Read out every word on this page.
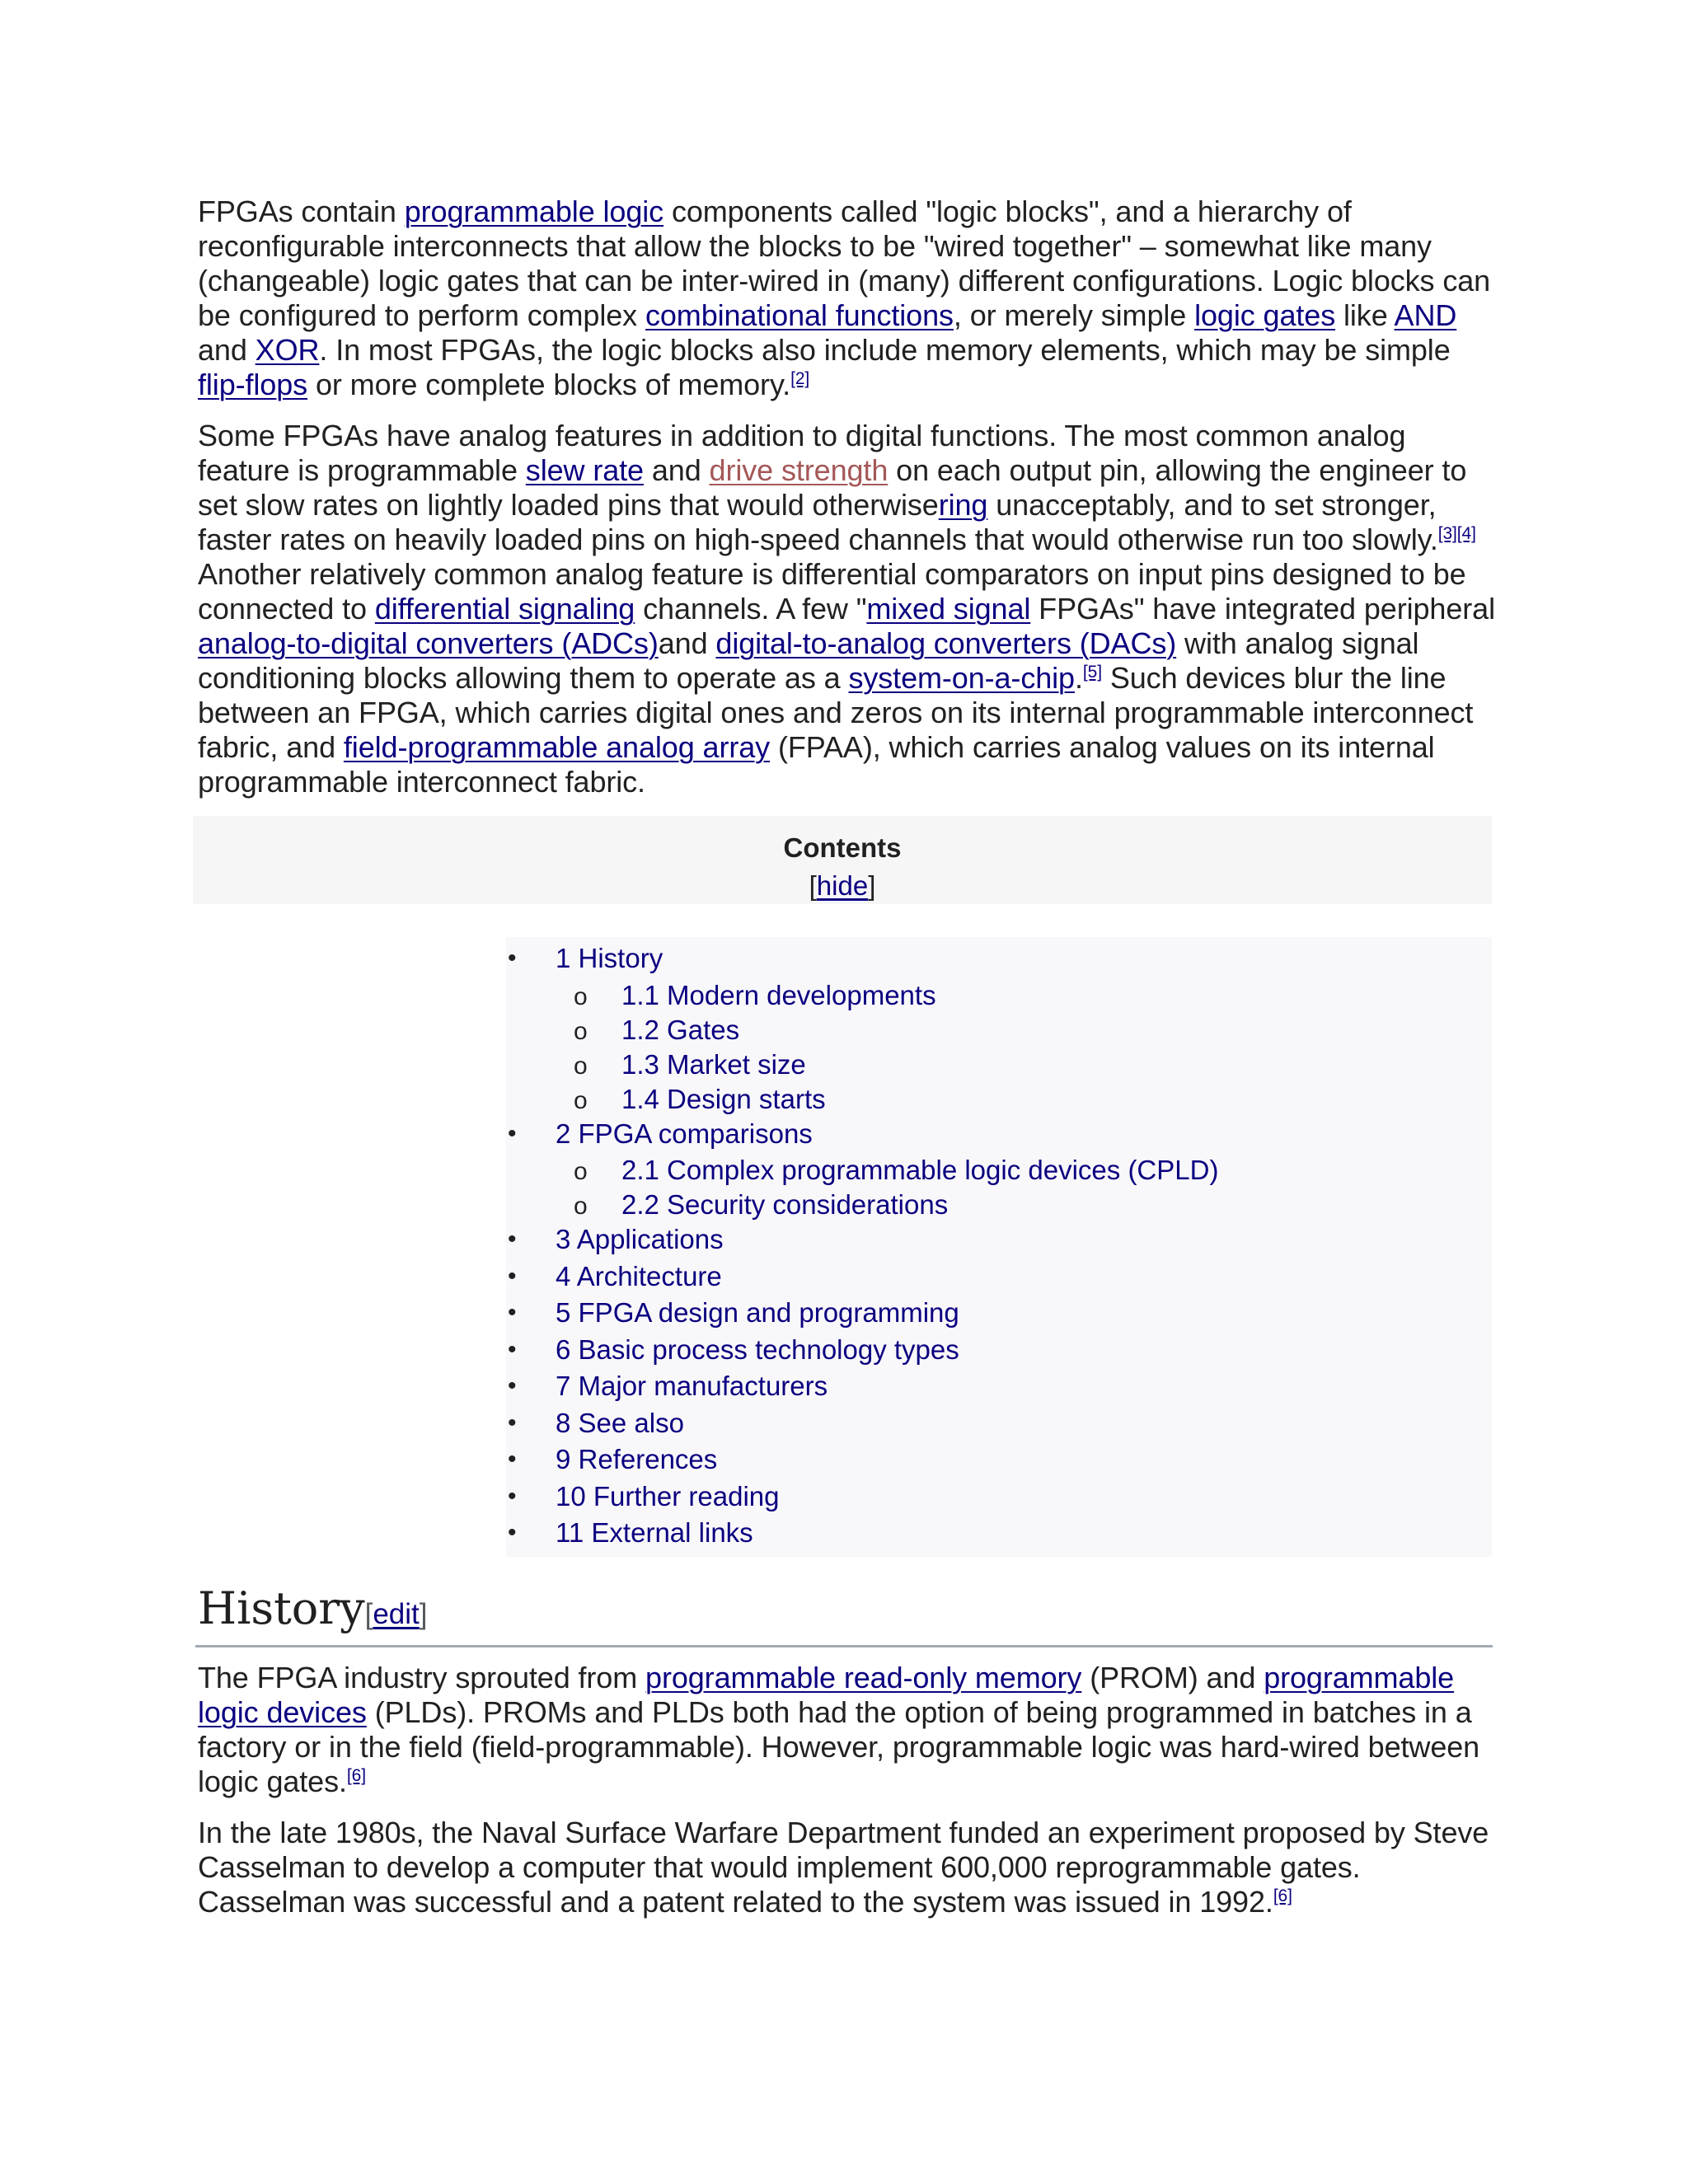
FPGAs contain programmable logic components called "logic blocks", and a hierarchy of reconfigurable interconnects that allow the blocks to be "wired together" – somewhat like many (changeable) logic gates that can be inter-wired in (many) different configurations. Logic blocks can be configured to perform complex combinational functions, or merely simple logic gates like AND and XOR. In most FPGAs, the logic blocks also include memory elements, which may be simple flip-flops or more complete blocks of memory.[2]

Some FPGAs have analog features in addition to digital functions. The most common analog feature is programmable slew rate and drive strength on each output pin, allowing the engineer to set slow rates on lightly loaded pins that would otherwisering unacceptably, and to set stronger, faster rates on heavily loaded pins on high-speed channels that would otherwise run too slowly.[3][4] Another relatively common analog feature is differential comparators on input pins designed to be connected to differential signaling channels. A few "mixed signal FPGAs" have integrated peripheral analog-to-digital converters (ADCs)and digital-to-analog converters (DACs) with analog signal conditioning blocks allowing them to operate as a system-on-a-chip.[5] Such devices blur the line between an FPGA, which carries digital ones and zeros on its internal programmable interconnect fabric, and field-programmable analog array (FPAA), which carries analog values on its internal programmable interconnect fabric.

Contents
[hide]
• 1 History
o 1.1 Modern developments
o 1.2 Gates
o 1.3 Market size
o 1.4 Design starts
• 2 FPGA comparisons
o 2.1 Complex programmable logic devices (CPLD)
o 2.2 Security considerations
• 3 Applications
• 4 Architecture
• 5 FPGA design and programming
• 6 Basic process technology types
• 7 Major manufacturers
• 8 See also
• 9 References
• 10 Further reading
• 11 External links
History[edit]

The FPGA industry sprouted from programmable read-only memory (PROM) and programmable logic devices (PLDs). PROMs and PLDs both had the option of being programmed in batches in a factory or in the field (field-programmable). However, programmable logic was hard-wired between logic gates.[6]

In the late 1980s, the Naval Surface Warfare Department funded an experiment proposed by Steve Casselman to develop a computer that would implement 600,000 reprogrammable gates. Casselman was successful and a patent related to the system was issued in 1992.[6]
